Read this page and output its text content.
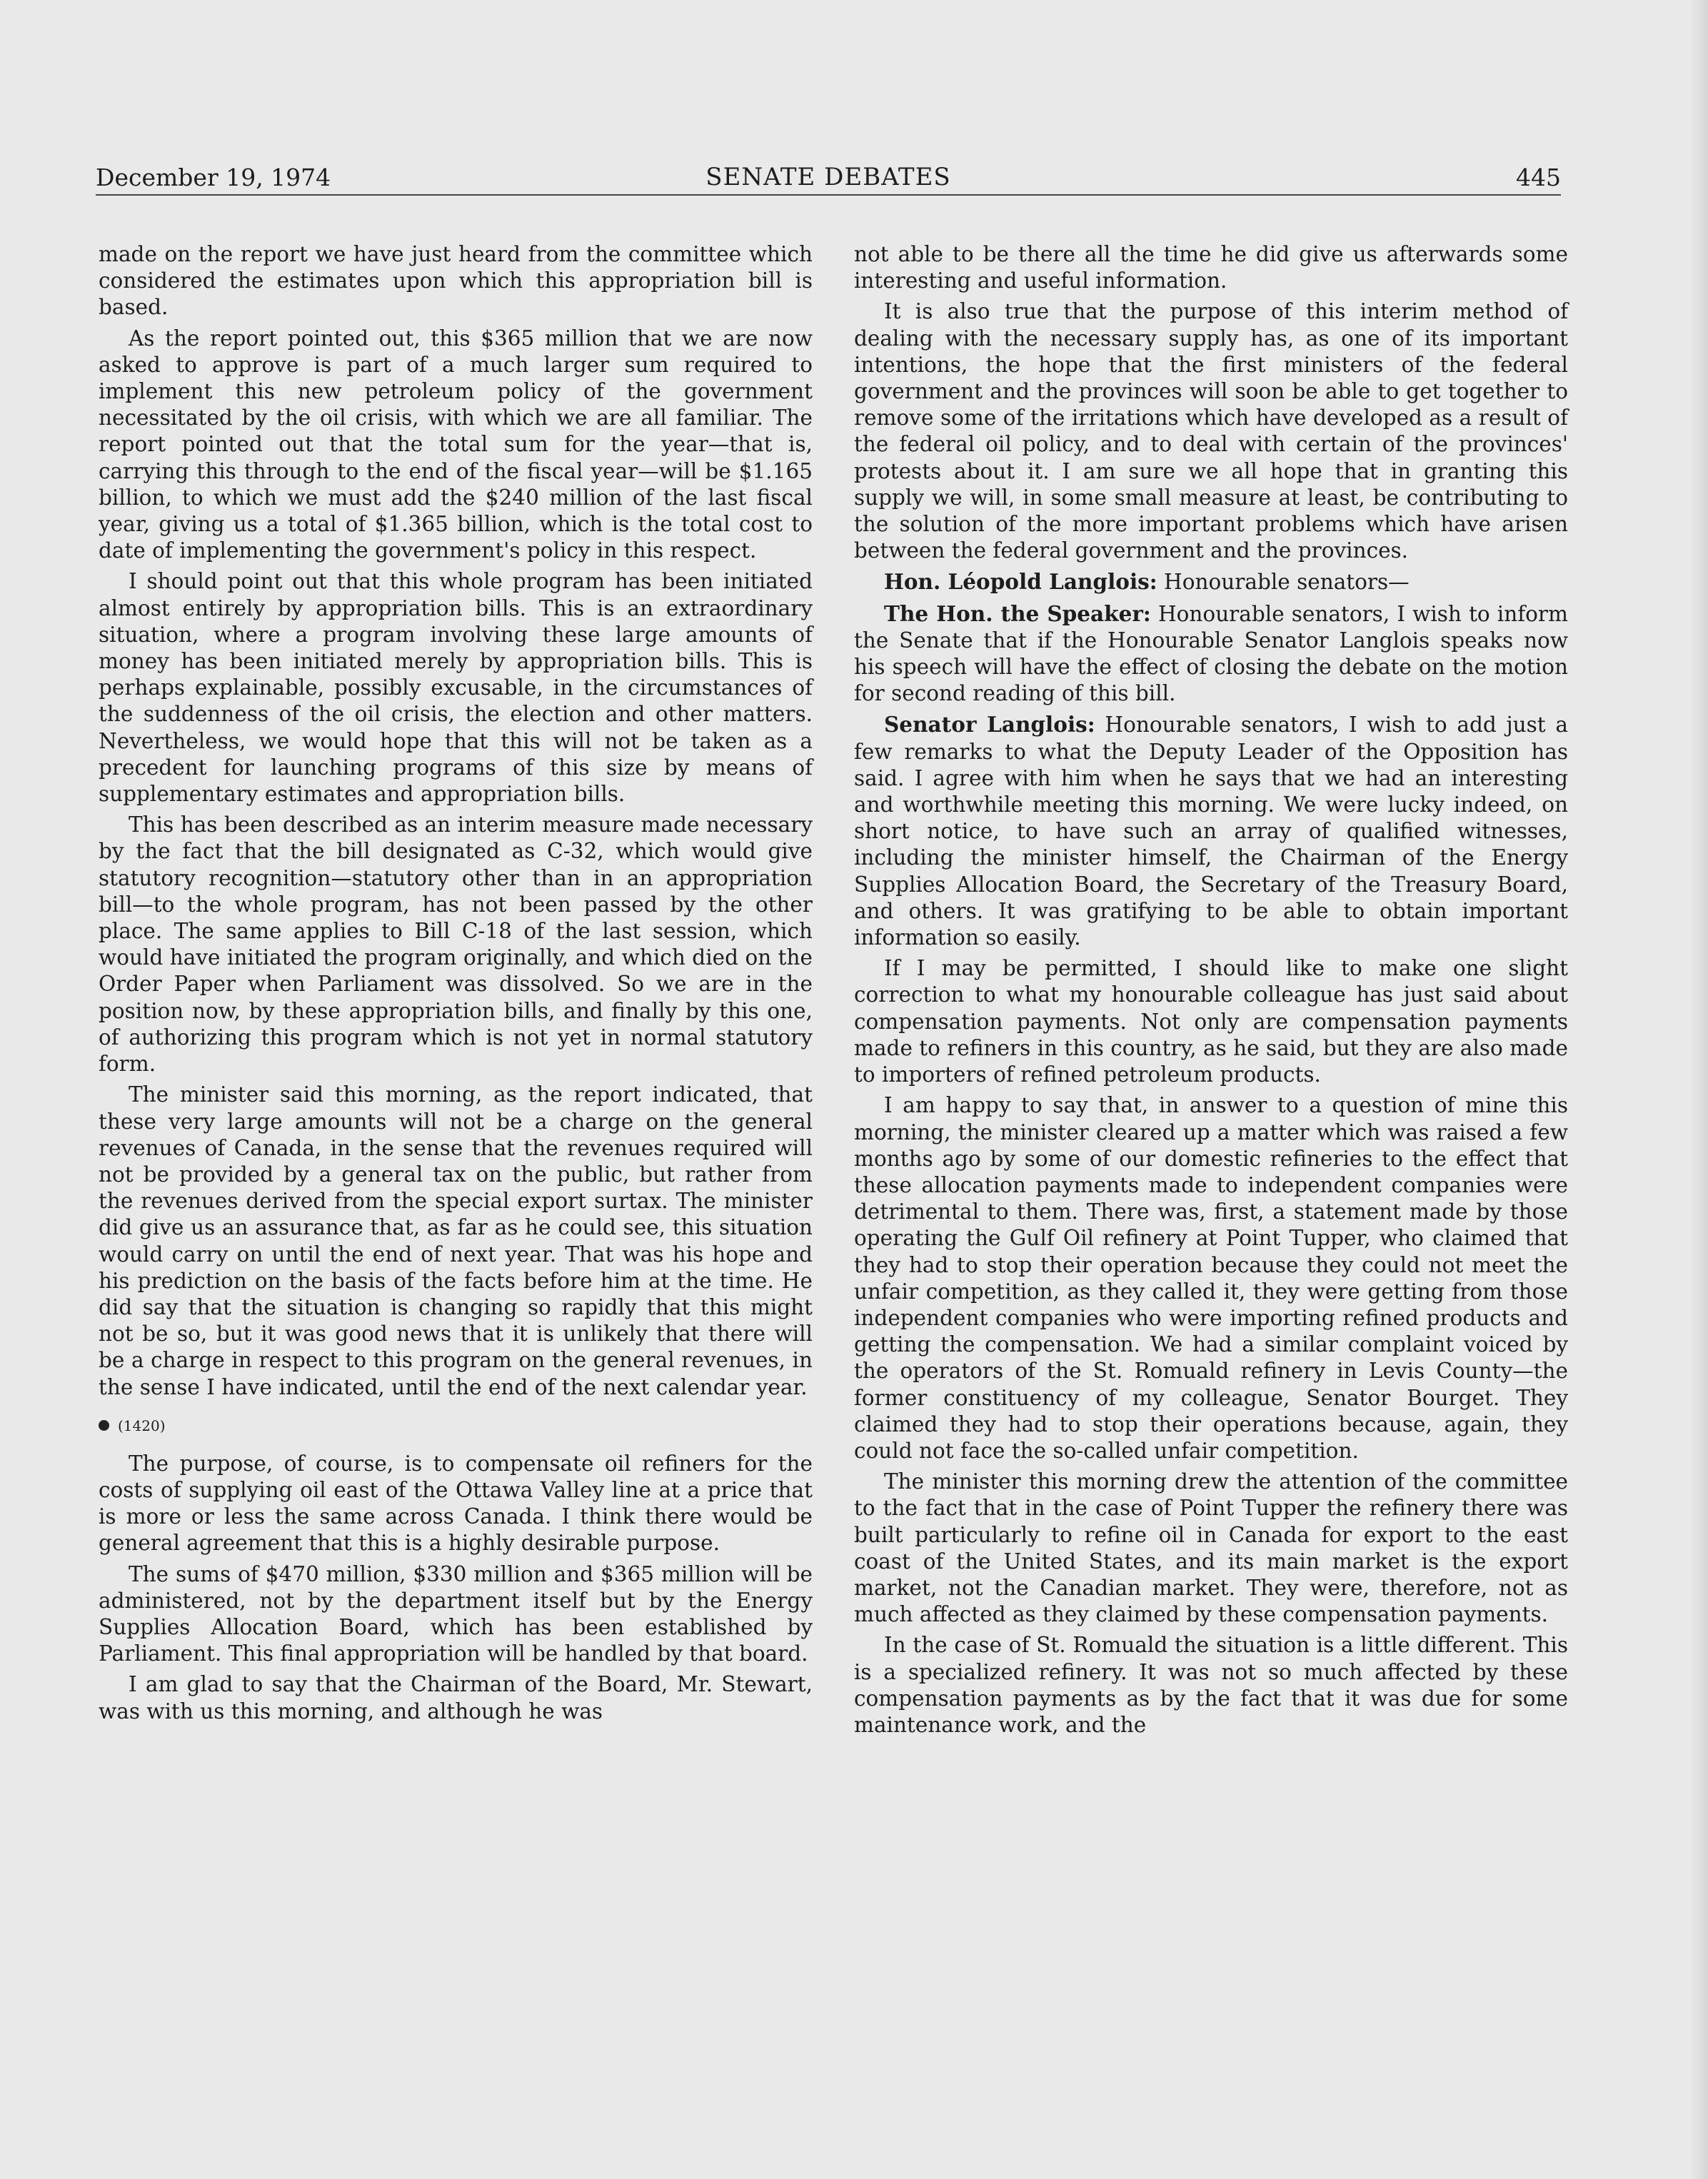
December 19, 1974	SENATE DEBATES	445

made on the report we have just heard from the committee which considered the estimates upon which this appropriation bill is based.

As the report pointed out, this $365 million that we are now asked to approve is part of a much larger sum required to implement this new petroleum policy of the government necessitated by the oil crisis, with which we are all familiar. The report pointed out that the total sum for the year—that is, carrying this through to the end of the fiscal year—will be $1.165 billion, to which we must add the $240 million of the last fiscal year, giving us a total of $1.365 billion, which is the total cost to date of implementing the government's policy in this respect.

I should point out that this whole program has been initiated almost entirely by appropriation bills. This is an extraordinary situation, where a program involving these large amounts of money has been initiated merely by appropriation bills. This is perhaps explainable, possibly excusable, in the circumstances of the suddenness of the oil crisis, the election and other matters. Nevertheless, we would hope that this will not be taken as a precedent for launching programs of this size by means of supplementary estimates and appropriation bills.

This has been described as an interim measure made necessary by the fact that the bill designated as C-32, which would give statutory recognition—statutory other than in an appropriation bill—to the whole program, has not been passed by the other place. The same applies to Bill C-18 of the last session, which would have initiated the program originally, and which died on the Order Paper when Parliament was dissolved. So we are in the position now, by these appropriation bills, and finally by this one, of authorizing this program which is not yet in normal statutory form.

The minister said this morning, as the report indicated, that these very large amounts will not be a charge on the general revenues of Canada, in the sense that the revenues required will not be provided by a general tax on the public, but rather from the revenues derived from the special export surtax. The minister did give us an assurance that, as far as he could see, this situation would carry on until the end of next year. That was his hope and his prediction on the basis of the facts before him at the time. He did say that the situation is changing so rapidly that this might not be so, but it was good news that it is unlikely that there will be a charge in respect to this program on the general revenues, in the sense I have indicated, until the end of the next calendar year.

(1420)

The purpose, of course, is to compensate oil refiners for the costs of supplying oil east of the Ottawa Valley line at a price that is more or less the same across Canada. I think there would be general agreement that this is a highly desirable purpose.

The sums of $470 million, $330 million and $365 million will be administered, not by the department itself but by the Energy Supplies Allocation Board, which has been established by Parliament. This final appropriation will be handled by that board.

I am glad to say that the Chairman of the Board, Mr. Stewart, was with us this morning, and although he was

not able to be there all the time he did give us afterwards some interesting and useful information.

It is also true that the purpose of this interim method of dealing with the necessary supply has, as one of its important intentions, the hope that the first ministers of the federal government and the provinces will soon be able to get together to remove some of the irritations which have developed as a result of the federal oil policy, and to deal with certain of the provinces' protests about it. I am sure we all hope that in granting this supply we will, in some small measure at least, be contributing to the solution of the more important problems which have arisen between the federal government and the provinces.

Hon. Léopold Langlois: Honourable senators—

The Hon. the Speaker: Honourable senators, I wish to inform the Senate that if the Honourable Senator Langlois speaks now his speech will have the effect of closing the debate on the motion for second reading of this bill.

Senator Langlois: Honourable senators, I wish to add just a few remarks to what the Deputy Leader of the Opposition has said. I agree with him when he says that we had an interesting and worthwhile meeting this morning. We were lucky indeed, on short notice, to have such an array of qualified witnesses, including the minister himself, the Chairman of the Energy Supplies Allocation Board, the Secretary of the Treasury Board, and others. It was gratifying to be able to obtain important information so easily.

If I may be permitted, I should like to make one slight correction to what my honourable colleague has just said about compensation payments. Not only are compensation payments made to refiners in this country, as he said, but they are also made to importers of refined petroleum products.

I am happy to say that, in answer to a question of mine this morning, the minister cleared up a matter which was raised a few months ago by some of our domestic refineries to the effect that these allocation payments made to independent companies were detrimental to them. There was, first, a statement made by those operating the Gulf Oil refinery at Point Tupper, who claimed that they had to stop their operation because they could not meet the unfair competition, as they called it, they were getting from those independent companies who were importing refined products and getting the compensation. We had a similar complaint voiced by the operators of the St. Romuald refinery in Levis County—the former constituency of my colleague, Senator Bourget. They claimed they had to stop their operations because, again, they could not face the so-called unfair competition.

The minister this morning drew the attention of the committee to the fact that in the case of Point Tupper the refinery there was built particularly to refine oil in Canada for export to the east coast of the United States, and its main market is the export market, not the Canadian market. They were, therefore, not as much affected as they claimed by these compensation payments.

In the case of St. Romuald the situation is a little different. This is a specialized refinery. It was not so much affected by these compensation payments as by the fact that it was due for some maintenance work, and the
